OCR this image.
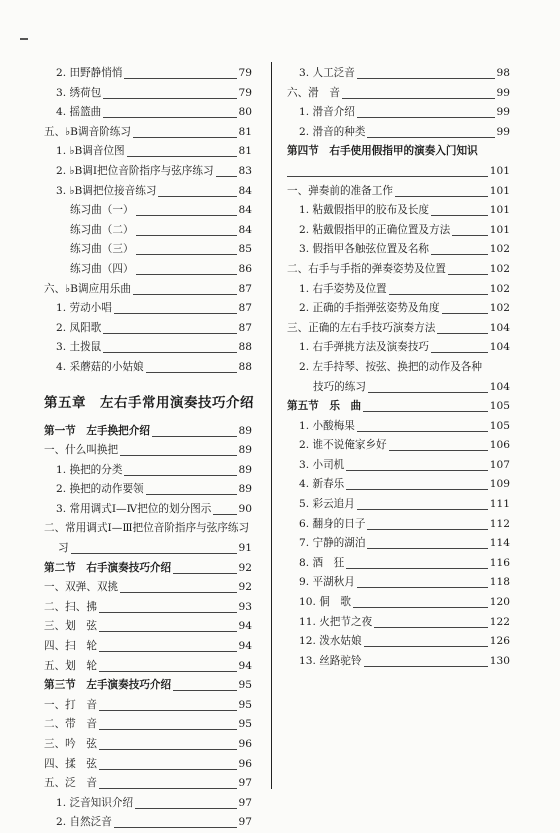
2. 田野静悄悄	79
3. 绣荷包	79
4. 摇篮曲	80
五、♭B调音阶练习	81
1. ♭B调音位图	81
2. ♭B调Ⅰ把位音阶指序与弦序练习 83
3. ♭B调把位接音练习	84
练习曲（一）	84
练习曲（二）	84
练习曲（三）	85
练习曲（四）	86
六、♭B调应用乐曲	87
1. 劳动小唱	87
2. 凤阳歌	87
3. 土拨鼠	88
4. 采蘑菇的小姑娘	88
第五章　左右手常用演奏技巧介绍
第一节　左手换把介绍	89
一、什么叫换把	89
1. 换把的分类	89
2. 换把的动作要领	89
3. 常用调式Ⅰ—Ⅳ把位的划分图示	90
二、常用调式Ⅰ—Ⅲ把位音阶指序与弦序练习
习	91
第二节　右手演奏技巧介绍	92
一、双弹、双挑	92
二、扫、拂	93
三、划　弦	94
四、扫　轮	94
五、划　轮	94
第三节　左手演奏技巧介绍	95
一、打　音	95
二、带　音	95
三、吟　弦	96
四、揉　弦	96
五、泛　音	97
1. 泛音知识介绍	97
2. 自然泛音	97
3. 人工泛音	98
六、滑　音	99
1. 滑音介绍	99
2. 滑音的种类	99
第四节　右手使用假指甲的演奏入门知识
101
一、弹奏前的准备工作	101
1. 粘戴假指甲的胶布及长度	101
2. 粘戴假指甲的正确位置及方法	101
3. 假指甲各触弦位置及名称	102
二、右手与手指的弹奏姿势及位置	102
1. 右手姿势及位置	102
2. 正确的手指弹弦姿势及角度	102
三、正确的左右手技巧演奏方法	104
1. 右手弹挑方法及演奏技巧	104
2. 左手持琴、按弦、换把的动作及各种
技巧的练习	104
第五节　乐　曲	105
1. 小酸梅果	105
2. 谁不说俺家乡好	106
3. 小司机	107
4. 新春乐	109
5. 彩云追月	111
6. 翻身的日子	112
7. 宁静的湖泊	114
8. 酒　狂	116
9. 平湖秋月	118
10. 侗　歌	120
11. 火把节之夜	122
12. 泼水姑娘	126
13. 丝路驼铃	130
